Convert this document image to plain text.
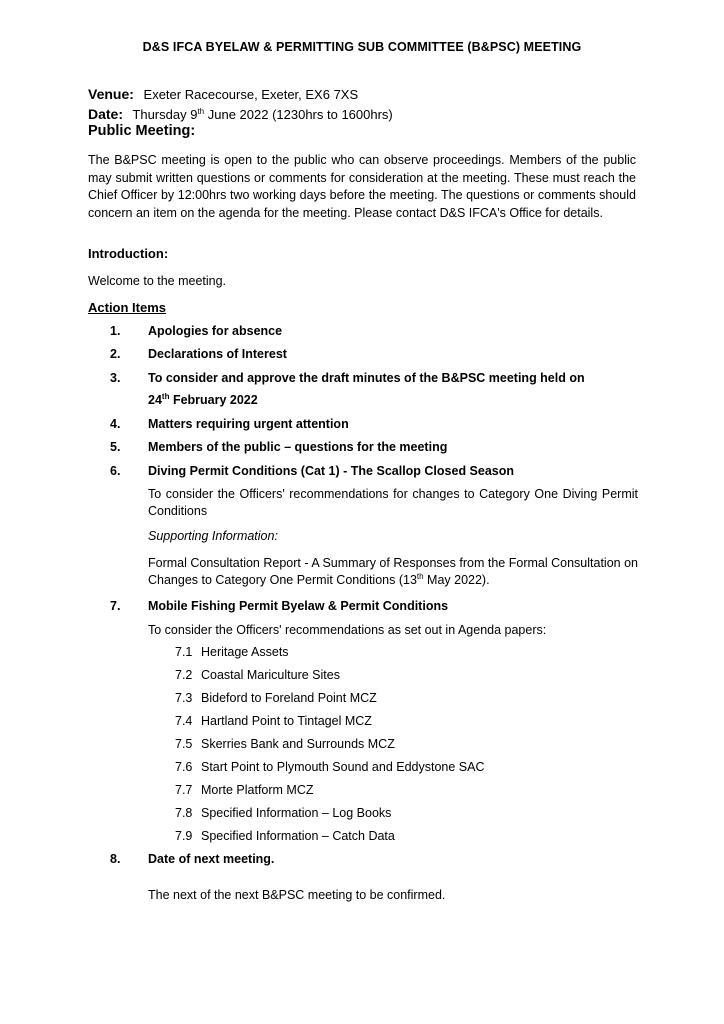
D&S IFCA BYELAW & PERMITTING SUB COMMITTEE (B&PSC) MEETING
Venue: Exeter Racecourse, Exeter, EX6 7XS
Date: Thursday 9th June 2022 (1230hrs to 1600hrs)
Public Meeting:
The B&PSC meeting is open to the public who can observe proceedings. Members of the public may submit written questions or comments for consideration at the meeting. These must reach the Chief Officer by 12:00hrs two working days before the meeting. The questions or comments should concern an item on the agenda for the meeting. Please contact D&S IFCA's Office for details.
Introduction:
Welcome to the meeting.
Action Items
1. Apologies for absence
2. Declarations of Interest
3. To consider and approve the draft minutes of the B&PSC meeting held on
24th February 2022
4. Matters requiring urgent attention
5. Members of the public – questions for the meeting
6. Diving Permit Conditions (Cat 1) - The Scallop Closed Season
To consider the Officers' recommendations for changes to Category One Diving Permit Conditions
Supporting Information:
Formal Consultation Report - A Summary of Responses from the Formal Consultation on Changes to Category One Permit Conditions (13th May 2022).
7. Mobile Fishing Permit Byelaw & Permit Conditions
To consider the Officers' recommendations as set out in Agenda papers:
7.1 Heritage Assets
7.2 Coastal Mariculture Sites
7.3 Bideford to Foreland Point MCZ
7.4 Hartland Point to Tintagel MCZ
7.5 Skerries Bank and Surrounds MCZ
7.6 Start Point to Plymouth Sound and Eddystone SAC
7.7 Morte Platform MCZ
7.8 Specified Information – Log Books
7.9 Specified Information – Catch Data
8. Date of next meeting.
The next of the next B&PSC meeting to be confirmed.
